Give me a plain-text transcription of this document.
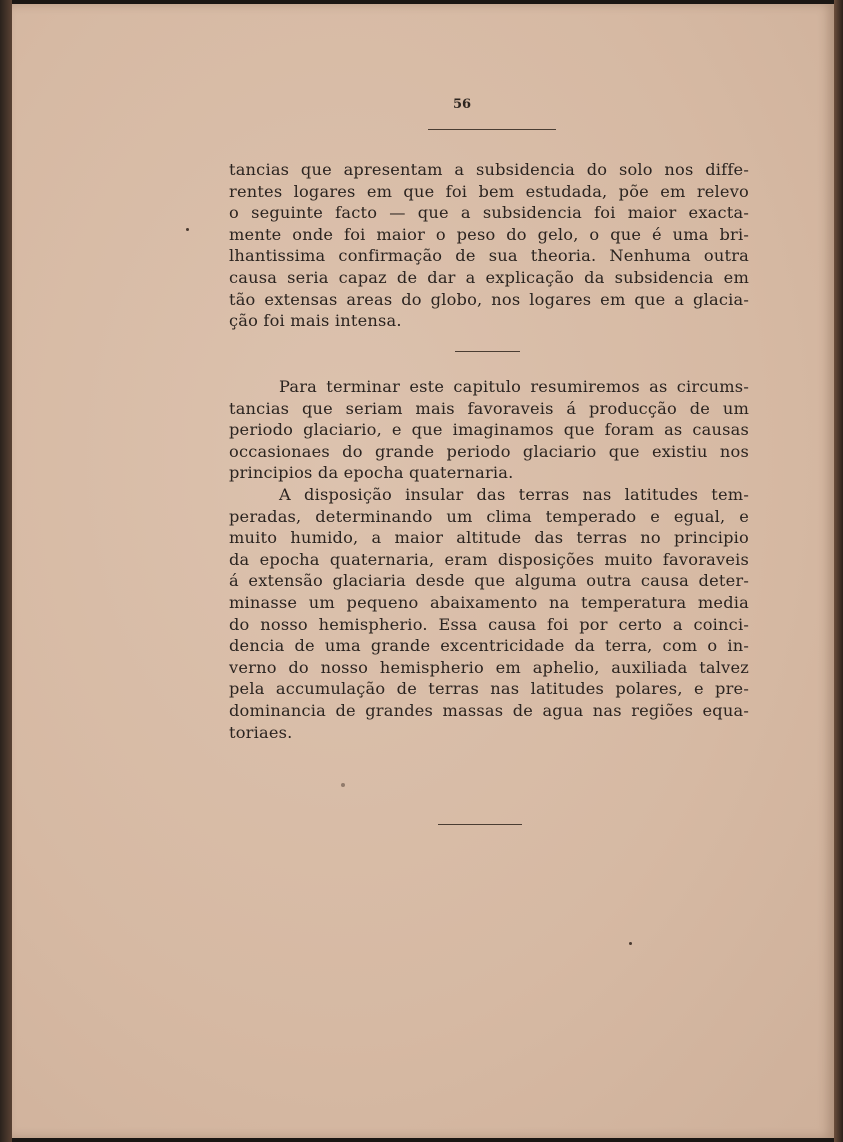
56
tancias que apresentam a subsidencia do solo nos diffe-
rentes logares em que foi bem estudada, põe em relevo
o seguinte facto — que a subsidencia foi maior exacta-
mente onde foi maior o peso do gelo, o que é uma bri-
lhantissima confirmação de sua theoria. Nenhuma outra
causa seria capaz de dar a explicação da subsidencia em
tão extensas areas do globo, nos logares em que a glacia-
ção foi mais intensa.
Para terminar este capitulo resumiremos as circums-
tancias que seriam mais favoraveis á producção de um
periodo glaciario, e que imaginamos que foram as causas
occasionaes do grande periodo glaciario que existiu nos
principios da epocha quaternaria.
A disposição insular das terras nas latitudes tem-
peradas, determinando um clima temperado e egual, e
muito humido, a maior altitude das terras no principio
da epocha quaternaria, eram disposições muito favoraveis
á extensão glaciaria desde que alguma outra causa deter-
minasse um pequeno abaixamento na temperatura media
do nosso hemispherio. Essa causa foi por certo a coinci-
dencia de uma grande excentricidade da terra, com o in-
verno do nosso hemispherio em aphelio, auxiliada talvez
pela accumulação de terras nas latitudes polares, e pre-
dominancia de grandes massas de agua nas regiões equa-
toriaes.
